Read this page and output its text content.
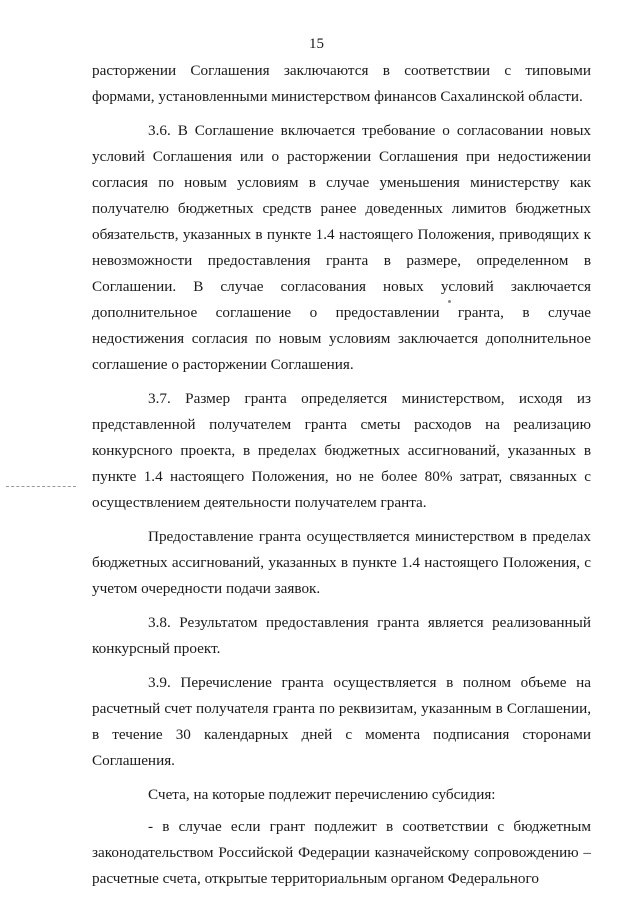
15

расторжении Соглашения заключаются в соответствии с типовыми формами, установленными министерством финансов Сахалинской области.

3.6. В Соглашение включается требование о согласовании новых условий Соглашения или о расторжении Соглашения при недостижении согласия по новым условиям в случае уменьшения министерству как получателю бюджетных средств ранее доведенных лимитов бюджетных обязательств, указанных в пункте 1.4 настоящего Положения, приводящих к невозможности предоставления гранта в размере, определенном в Соглашении. В случае согласования новых условий заключается дополнительное соглашение о предоставлении гранта, в случае недостижения согласия по новым условиям заключается дополнительное соглашение о расторжении Соглашения.

3.7. Размер гранта определяется министерством, исходя из представленной получателем гранта сметы расходов на реализацию конкурсного проекта, в пределах бюджетных ассигнований, указанных в пункте 1.4 настоящего Положения, но не более 80% затрат, связанных с осуществлением деятельности получателем гранта.

Предоставление гранта осуществляется министерством в пределах бюджетных ассигнований, указанных в пункте 1.4 настоящего Положения, с учетом очередности подачи заявок.

3.8. Результатом предоставления гранта является реализованный конкурсный проект.

3.9. Перечисление гранта осуществляется в полном объеме на расчетный счет получателя гранта по реквизитам, указанным в Соглашении, в течение 30 календарных дней с момента подписания сторонами Соглашения.

Счета, на которые подлежит перечислению субсидия:

- в случае если грант подлежит в соответствии с бюджетным законодательством Российской Федерации казначейскому сопровождению – расчетные счета, открытые территориальным органом Федерального
